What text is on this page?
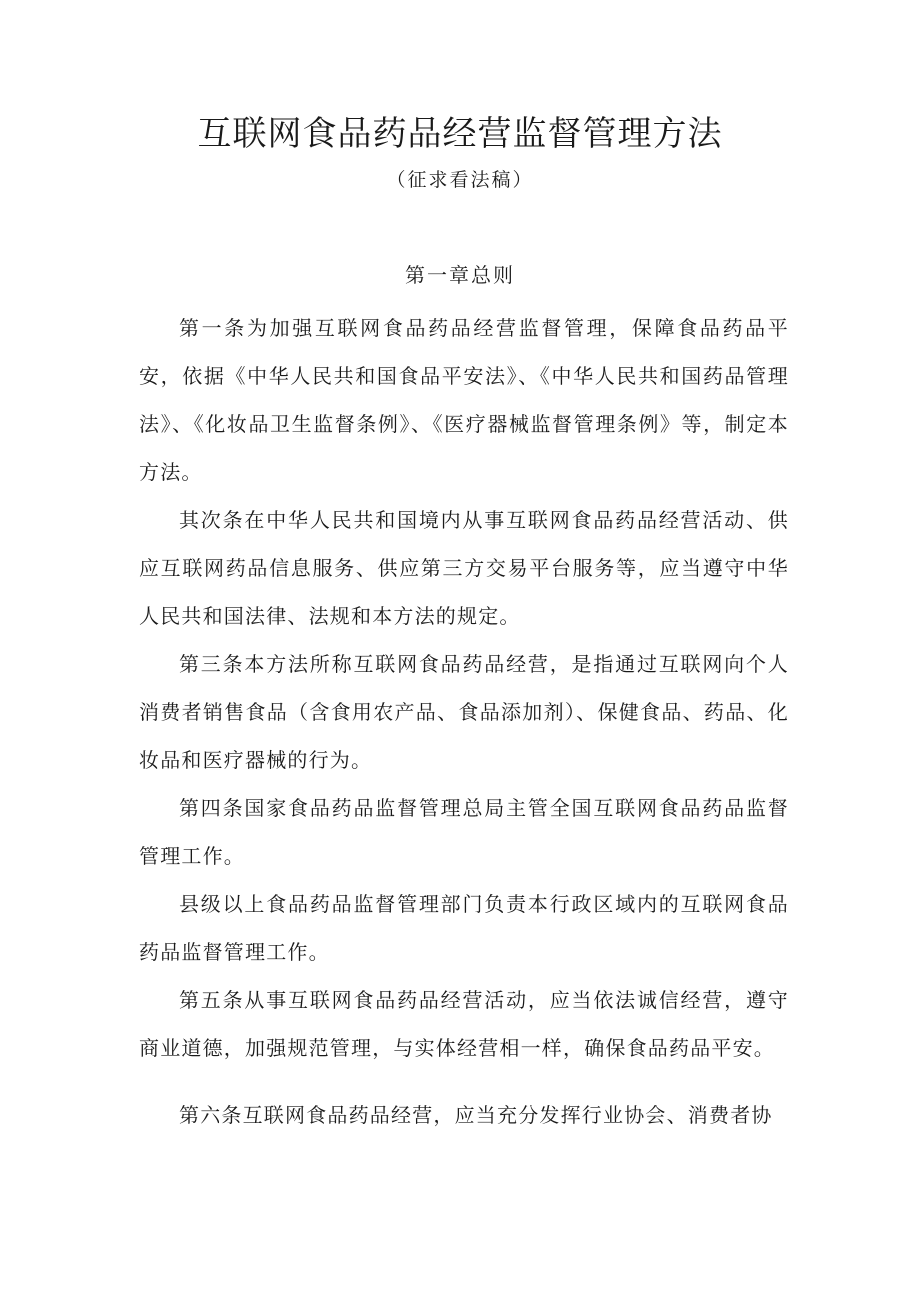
互联网食品药品经营监督管理方法
（征求看法稿）
第一章总则

第一条为加强互联网食品药品经营监督管理，保障食品药品平安，依据《中华人民共和国食品平安法》、《中华人民共和国药品管理法》、《化妆品卫生监督条例》、《医疗器械监督管理条例》等，制定本方法。

其次条在中华人民共和国境内从事互联网食品药品经营活动、供应互联网药品信息服务、供应第三方交易平台服务等，应当遵守中华人民共和国法律、法规和本方法的规定。

第三条本方法所称互联网食品药品经营，是指通过互联网向个人消费者销售食品（含食用农产品、食品添加剂）、保健食品、药品、化妆品和医疗器械的行为。

第四条国家食品药品监督管理总局主管全国互联网食品药品监督管理工作。

县级以上食品药品监督管理部门负责本行政区域内的互联网食品药品监督管理工作。

第五条从事互联网食品药品经营活动，应当依法诚信经营，遵守商业道德，加强规范管理，与实体经营相一样，确保食品药品平安。

第六条互联网食品药品经营，应当充分发挥行业协会、消费者协
